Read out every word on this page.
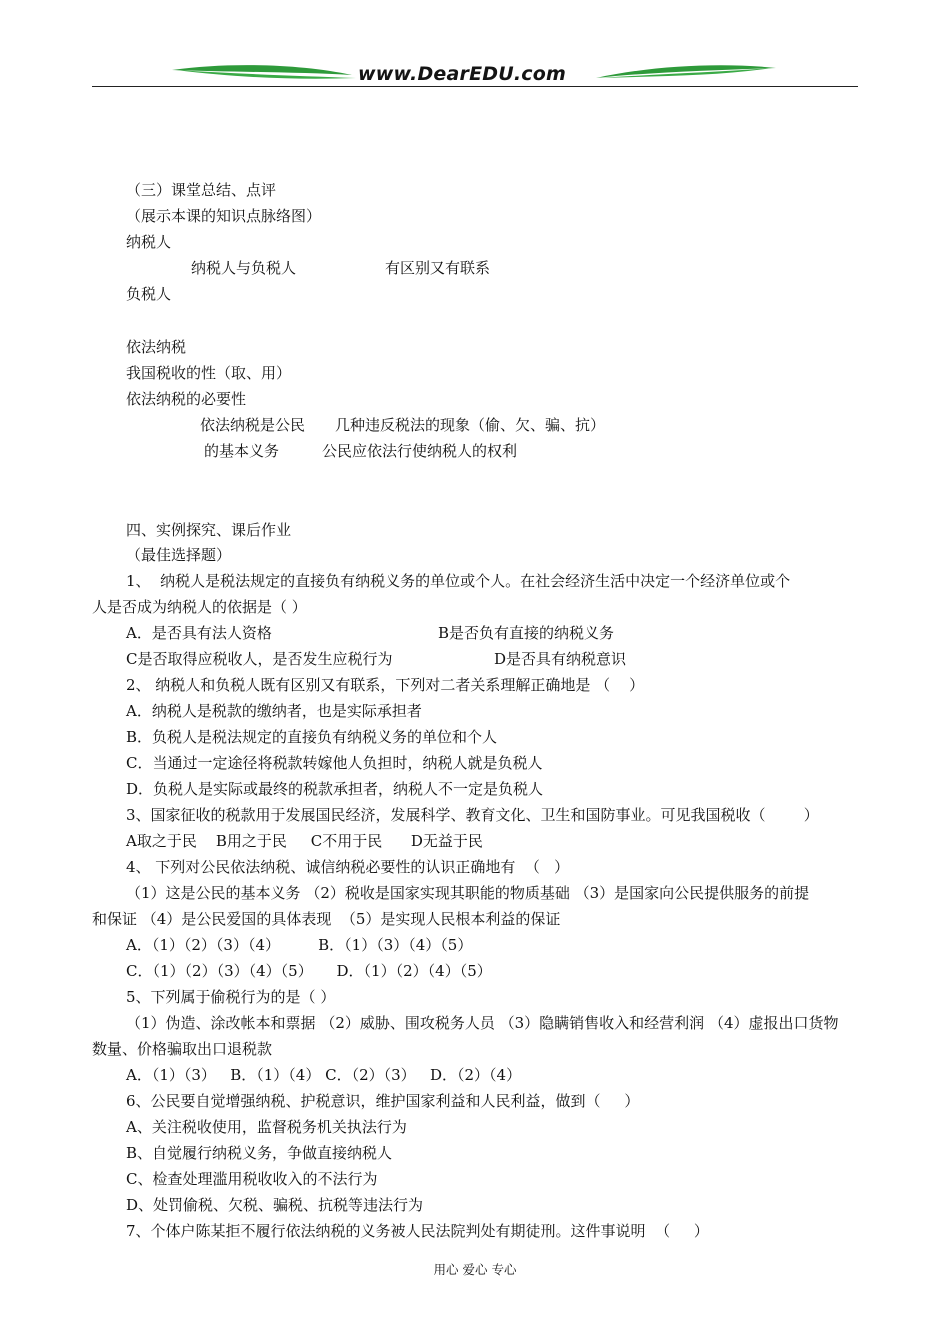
www.DearEDU.com
（三）课堂总结、点评
（展示本课的知识点脉络图）
纳税人
纳税人与负税人	有区别又有联系
负税人
依法纳税
我国税收的性（取、用）
依法纳税的必要性
依法纳税是公民 几种违反税法的现象（偷、欠、骗、抗）
的基本义务	公民应依法行使纳税人的权利
四、实例探究、课后作业
（最佳选择题）
1、  纳税人是税法规定的直接负有纳税义务的单位或个人。在社会经济生活中决定一个经济单位或个
人是否成为纳税人的依据是（ ）
A．是否具有法人资格	B是否负有直接的纳税义务
C是否取得应税收人，是否发生应税行为	D是否具有纳税意识
2、 纳税人和负税人既有区别又有联系，下列对二者关系理解正确地是 （    ）
A．纳税人是税款的缴纳者，也是实际承担者
B．负税人是税法规定的直接负有纳税义务的单位和个人
C．当通过一定途径将税款转嫁他人负担时，纳税人就是负税人
D．负税人是实际或最终的税款承担者，纳税人不一定是负税人
3、国家征收的税款用于发展国民经济，发展科学、教育文化、卫生和国防事业。可见我国税收（        ）
A取之于民    B用之于民     C不用于民      D无益于民
4、 下列对公民依法纳税、诚信纳税必要性的认识正确地有  （   ）
（1）这是公民的基本义务 （2）税收是国家实现其职能的物质基础 （3）是国家向公民提供服务的前提
和保证 （4）是公民爱国的具体表现  （5）是实现人民根本利益的保证
A．（1）（2）（3）（4）        B．（1）（3）（4）（5）
C．（1）（2）（3）（4）（5）     D．（1）（2）（4）（5）
5、下列属于偷税行为的是（ ）
（1）伪造、涂改帐本和票据 （2）威胁、围攻税务人员 （3）隐瞒销售收入和经营利润 （4）虚报出口货物
数量、价格骗取出口退税款
A．（1）（3）   B．（1）（4） C．（2）（3）   D．（2）（4）
6、公民要自觉增强纳税、护税意识，维护国家利益和人民利益，做到（     ）
A、关注税收使用，监督税务机关执法行为
B、自觉履行纳税义务，争做直接纳税人
C、检查处理滥用税收收入的不法行为
D、处罚偷税、欠税、骗税、抗税等违法行为
7、个体户陈某拒不履行依法纳税的义务被人民法院判处有期徒刑。这件事说明  （     ）
用心 爱心 专心
